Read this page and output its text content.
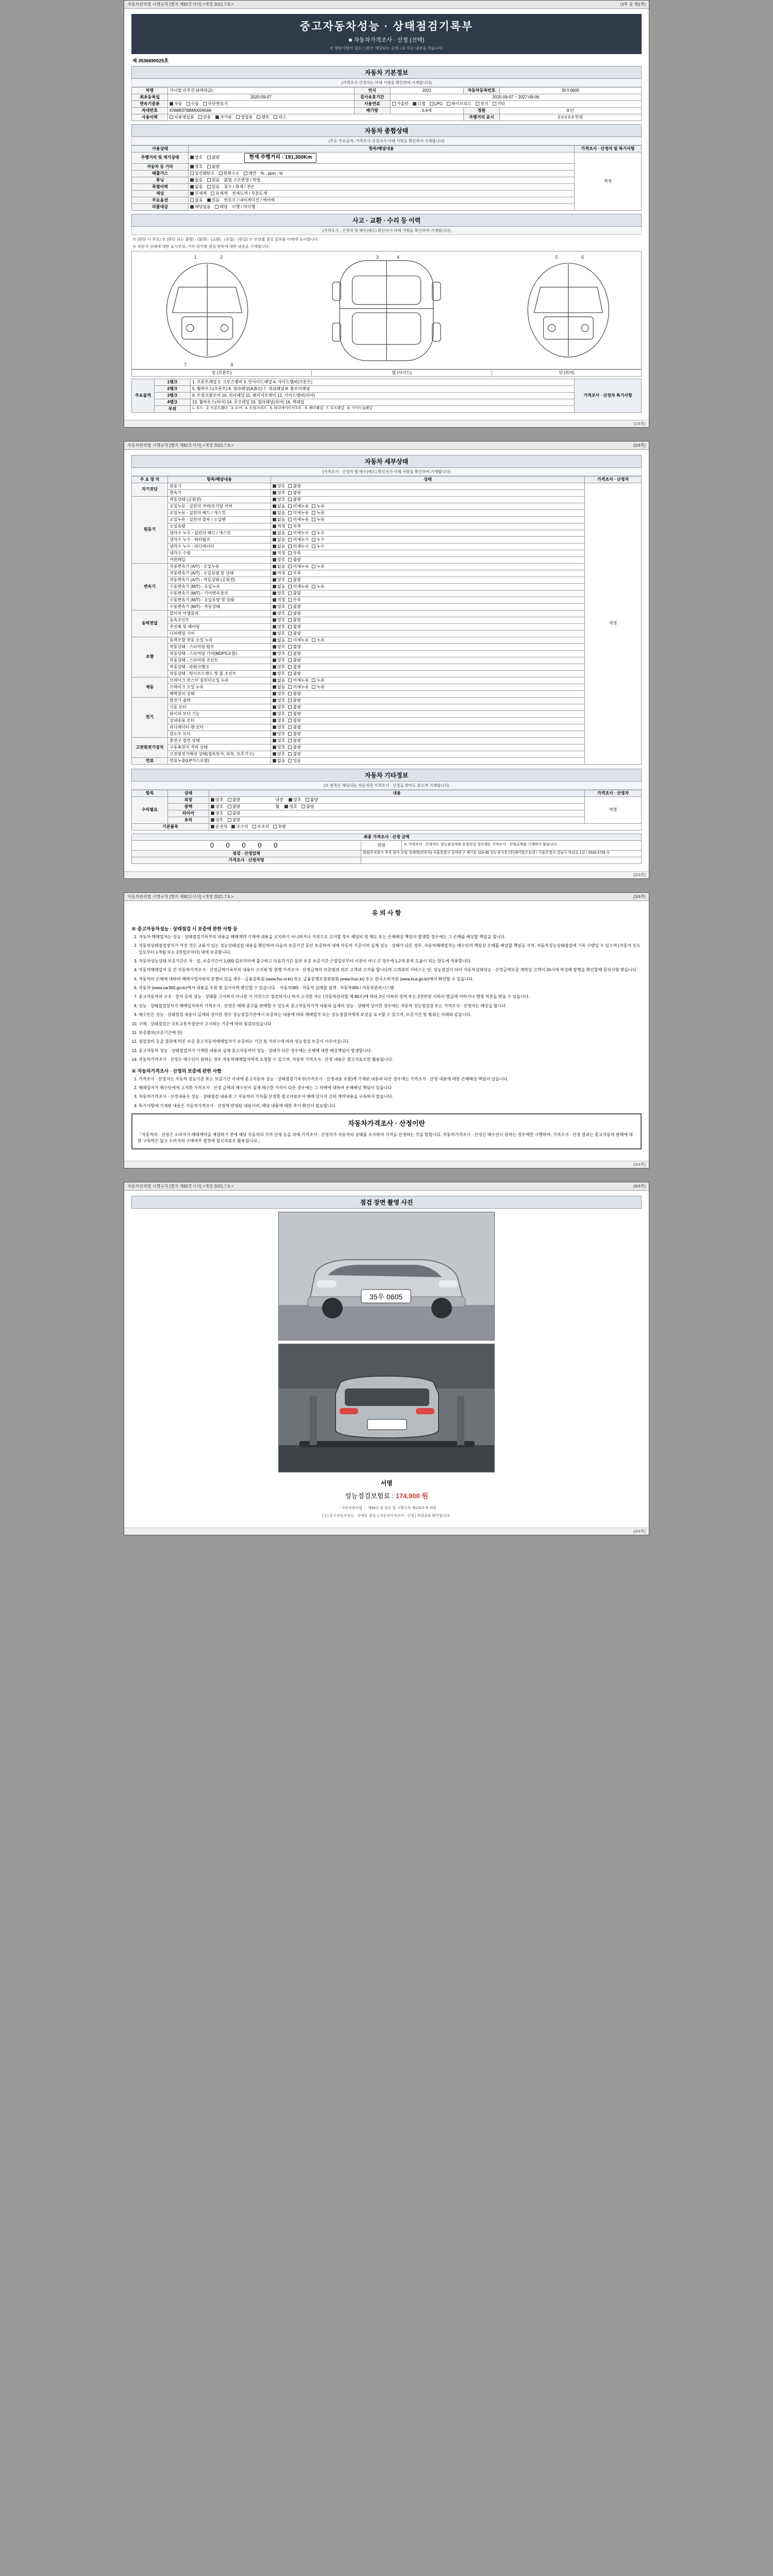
자동차관리법 시행규칙 [별지 제82호서식] <개정 2021.7.6.>	(3쪽 중 제1쪽)
중고자동차성능 · 상태점검기록부
■ 자동차가격조사 · 산정 (선택)
※ 해당사항이 있는 ( )란은 해당되는 곳에 ○표 또는 내용을 적습니다.
제 3536690025호
자동차 기본정보
(가격조사·산정자는 아래 사항을 확인하여 기재합니다)
차명	카니발 리무진 (4세대급)	연식	2021	자동차등록번호	35우0605
최초등록일	2020-09-07	검사유효기간	2025-09-07 ~ 2027-09-06		
변속기종류	자동 수동 무단변속기	사용연료	가솔린 디젤 LPG 하이브리드 전기 기타		
차대번호	KNMB3TBBM0009569	배기량	0.4세	정원	9 인
사용이력	사용영업용 관용 자가용 영업용 렌트 리스			주행거리 표시	0 0 0 0 0 만원
자동차 종합상태
(주요·주요골격, 가격조사·산정자가 아래 사항을 확인하여 기재합니다)
사용상태	항목/해당내용	가격조사 · 산정자 및 특기사항
주행거리 및 계기상태	양호 불량 현재 주행거리 : 191,350Km	적정
자동차 등 기타	양호 불량	
배출가스	일산화탄소 탄화수소 매연 % , ppm , %	
튜닝	없음 있음 불법 구조변경 / 적법	
특별이력	없음 있음 침수 / 화재 / 전손	
색상	무채색 유채색 전체도색 / 부분도색	
주요옵션	없음 있음 썬루프 / 내비게이션 / 에어백	
리콜대상	해당없음 해당 이행 / 미이행	
사고 · 교환 · 수리 등 이력
(가격조사 · 산정자 및 매수(매도) 확인자가 아래 사항을 확인하여 기재합니다)
※ (판단 시 주요) ※ (판단 되는 불량) · (불량) · (교환) · (용접) · (판금) ※ 부위별 점검 결과를 아래에 표시합니다.
※ 자동차 상태에 대한 표시부위, 기타 위치별 점검 항목에 대한 내용을 기재합니다.
1	2	3	4	5	6
7	8
앞 (프론트)	옆 (사이드)	뒤 (리어)
주요골격	1랭크	1. 프론트패널 2. 크로스멤버 3. 인사이드패널 4. 사이드멤버(프론트)	가격조사 · 산정자 특기사항
	2랭크	5. 휠하우스(프론트) 6. 필라패널(A,B,C) 7. 대쉬패널 8. 플로어패널	
	3랭크	9. 트렁크플로어 10. 리어패널 11. 패키지트레이 12. 사이드멤버(리어)	
	4랭크	13. 휠하우스(리어) 14. 루프레일 15. 필라패널(리어) 16. 백패널	
	부위	1. 후드 · 2. 프론트휀더 · 3. 도어 · 4. 트렁크리드 · 5. 라디에이터서포트 · 6. 쿼터패널 · 7. 루프패널 · 8. 사이드실패널	
(1/4쪽)
자동차관리법 시행규칙 [별지 제82호서식] <개정 2021.7.6.>	(2/4쪽)
자동차 세부상태
(가격조사 · 산정자 및 매수(매도) 확인자가 아래 사항을 확인하여 기재합니다)
주 요 장 치	항목/해당내용	상태	가격조사 · 산정자
자기진단	원동기	양호 불량	적정
	변속기	양호 불량	
원동기	작동상태 (공회전)	양호 불량	
	오일누유 - 실린더 커버/로커암 커버	없음 미세누유 누유	
	오일누유 - 실린더 헤드 / 개스킷	없음 미세누유 누유	
	오일누유 - 실린더 블록 / 오일팬	없음 미세누유 누유	
	오일유량	적정 부족	
	냉각수 누수 - 실린더 헤드 / 개스킷	없음 미세누수 누수	
	냉각수 누수 - 워터펌프	없음 미세누수 누수	
	냉각수 누수 - 라디에이터	없음 미세누수 누수	
	냉각수 수량	적정 부족	
	커먼레일	양호 불량	
변속기	자동변속기 (A/T) - 오일누유	없음 미세누유 누유	
	자동변속기 (A/T) - 오일유량 및 상태	적정 부족	
	자동변속기 (A/T) - 작동상태 (공회전)	양호 불량	
	수동변속기 (M/T) - 오일누유	없음 미세누유 누유	
	수동변속기 (M/T) - 기어변속장치	양호 불량	
	수동변속기 (M/T) - 오일유량 및 상태	적정 부족	
	수동변속기 (M/T) - 작동상태	양호 불량	
동력전달	클러치 어셈블리	양호 불량	
	등속조인트	양호 불량	
	추진축 및 베어링	양호 불량	
	디퍼렌셜 기어	양호 불량	
조향	동력조향 작동 오일 누유	없음 미세누유 누유	
	작동상태 - 스티어링 펌프	양호 불량	
	작동상태 - 스티어링 기어(MDPS포함)	양호 불량	
	작동상태 - 스티어링 조인트	양호 불량	
	작동상태 - 파워크랭크	양호 불량	
	작동상태 - 타이로드엔드 및 볼 조인트	양호 불량	
제동	브레이크 마스터 실린더오일 누유	없음 미세누유 누유	
	브레이크 오일 누유	없음 미세누유 누유	
	배력장치 상태	양호 불량	
전기	발전기 출력	양호 불량	
	시동 모터	양호 불량	
	와이퍼 모터 기능	양호 불량	
	실내송풍 모터	양호 불량	
	라디에이터 팬 모터	양호 불량	
	윈도우 모터	양호 불량	
고전원전기장치	충전구 절연 상태	양호 불량	
	구동축전지 격리 상태	양호 불량	
	고전원전기배선 상태(접속단자, 피복, 보호기구)	양호 불량	
연료	연료누출(LP가스포함)	없음 있음	
자동차 기타정보
(※ 항목은 해당되는 자동차만 가격조사 · 산정을 받아도 좋으며 기재합니다)
항목	상태	내용	가격조사 · 산정자
수리필요	외장	양호 불량 내장 양호 불량	적정
	광택	양호 불량 휠 양호 불량	
	타이어	양호 불량	
	유리	양호 불량	
기본품목		운전석 조수석 보조석 후방	
최종 가격조사 · 산정 금액		
0 0 0 0 0	만원	※ 가격조사 · 산정자는 성능점검자와 동일인일 경우에는 가격조사 · 산정금액을 기재하지 않습니다.
점검 · 산정업체	회원주식회사 주식 회사 모빌 업체명(연락처) 서울특별시 동대문구 제기동 123-45 성능검사장 (주)케이알오토넷 / 서울특별시 강남구 역삼로 1길 / 1533-2729 ※	
가격조사 · 산정자명		
(2/4쪽)
자동차관리법 시행규칙 [별지 제82호서식] <개정 2021.7.6.>	(3/4쪽)
유 의 사 항
※ 중고자동차성능 · 상태점검 시 보증에 관한 사항 등
1. 자동차 매매업자는 성능 · 상태점검기록부의 내용을 매매계약 기재에 내용을 교지하기 아니하거나 거짓으로 고지할 경우 패널티 및 매도 또는 손해배상 책임이 발생할 경우에는 그 손해를 배상할 책임을 집니다.
2. 자동차상태점검장치가 커진 것은 교류가 있는 성능상태검검 내용을 확인하여 다음의 보증기간 동안 보증하여 대해 자동차 기준이며 실제 성능 · 상태가 다른 경우, 자동차매매업자는 매수인의 책임상 손해를 배상할 책임을 지며, 자동차성능상태점검에 기록 수량일 수 있으며 (자동차 인도일로부터 1개월 또는 2천킬로미터) 내에 보증합니다.
3. 자동차성능상태 보증기간은 자 · 일, 보증기간이 1,000 킬로미터에 불구하고 다음각기간 동안 보증 보증기간 근접일로부터 이전이 아니 큰 경우에 1,2개 본의 도움이 되는 한도에 적용합니다.
4. 자동차매매업자 등 간 자동차가격조사 · 산정금액기록부의 내용이 고지된 및 현행 가격조사 · 산정금액의 보증범위 외로 고객과 고지를 합니다며 고객과의 서비스는 단, 성능점검이 되어 자동차상태성능 · 산정금액보증 계약상 고객이 24시에 작성해 발행을 확인할때 문의사항 받습니다.
5. 자동차의 손해에 대하여 매매사업자와의 분쟁이 있을 경우 - 금융감독원 (www.fss.or.kr) 또는 금융분쟁조정위원회 (www.fcsc.kr) 또는 한국소비자원 (www.kca.go.kr)에서 확인할 수 있습니다.
6. 자동차 (www.car365.go.kr)에서 내용을 조회 및 검사이력 확인할 수 있습니다. · 자동차365 · 자동차 실매물 검색 : 자동차365 / 자동차관리시스템
7. 중고자동차의 구조 · 장치 등의 성능 · 상태를 고지하지 아니한 거 거짓으로 점검하거나 하지 고지한 자는 (자동차관리법 제 80조)에 따라 2년 이하의 징역 또는 2천만원 이하의 벌금에 처하거나 행정 처분을 받을 수 있습니다.
8. 성능 · 상태점검장치가 매매업자와의 가격조사 · 산정은 매매 중고를 판매할 수 있도록 중고자동차가격 내용과 실제의 성능 · 상태에 상이한 경우에는 자동차 성능점검장 또는 가격조사 · 산정자는 배상을 합니다.
9. 매수인은 성능 · 상태점검 내용이 실제와 상이한 경우 성능점검기관에서 보증하는 내용에 따라 매매업자 또는 성능점검자에게 보상을 요구할 수 있으며, 보증기간 및 범위는 아래와 같습니다.
10. 구매 · 상태점검은 국토교통부장관이 고시하는 기준에 따라 점검되었습니다.
11. 보증범위(보증기간에 한)
12. 점검장비 등급 결과에 따른 보증 중고자동차매매업자가 보증하는 기간 및 거리수에 따라 성능점검 보증이 이루어집니다.
13. 중고자동차 성능 · 상태점검자가 기재한 내용과 실제 중고자동차의 성능 · 상태가 다른 경우에는 손해에 대한 배상책임이 발생합니다.
14. 자동차가격조사 · 산정은 매수인이 원하는 경우 자동차매매업자에게 요청할 수 있으며, 자동차 가격조사 · 산정 내용은 참고자료로만 활용됩니다.
※ 자동차가격조사 · 산정의 보증에 관한 사항
1. 가격조사 · 산정자는 자동차 성능기준 또는 보증기간 이내에 중고자동차 성능 · 상태점검기록부(가격조사 · 산정내용 포함)에 기재된 내용과 다른 경우에는 가격조사 · 산정 내용에 대한 손해배상 책임이 있습니다.
2. 매매업자가 매수인에게 고지한 가격조사 · 산정 금액과 매수인이 실제 매수한 가격이 다른 경우에는 그 차액에 대하여 손해배상 책임이 있습니다.
3. 자동차가격조사 · 산정내용은 성능 · 상태점검 내용과 그 자동차의 가치를 산정한 참고자료로서 매매 당사자 간의 계약내용을 구속하지 않습니다.
4. 특기사항에 기재된 내용은 자동차가격조사 · 산정에 반영된 내용이며, 해당 내용에 대한 추가 확인이 필요합니다.
자동차가격조사 · 산정이란
「자동차의 · 산정은 소비자가 매매계약을 체결하기 전에 해당 자동차의 가격 산정 등을 위해 가격조사 · 산정자가 자동차의 상태를 조사하여 가격을 산정하는 것을 말합니다. 자동차가격조사 · 산정은 매수인이 원하는 경우에만 시행하며, 가격조사 · 산정 결과는 중고자동차 판매에 대한 구속력은 없고 소비자의 구매여부 결정에 참고자료로 활용됩니다.」
(3/4쪽)
자동차관리법 시행규칙 [별지 제82호서식] <개정 2021.7.6.>	(4/4쪽)
점검 장면 촬영 사진
35우 0605
서명
성능점검보험료 : 174,900 원
「 자동차관리법 」 제58조 및 같은 법 시행규칙 제120조에 따라
[ 1 ] 중고자동차성능 · 상태를 점검, [ 자동차가격조사 · 산정 ] 하였음을 확인합니다.
(4/4쪽)
